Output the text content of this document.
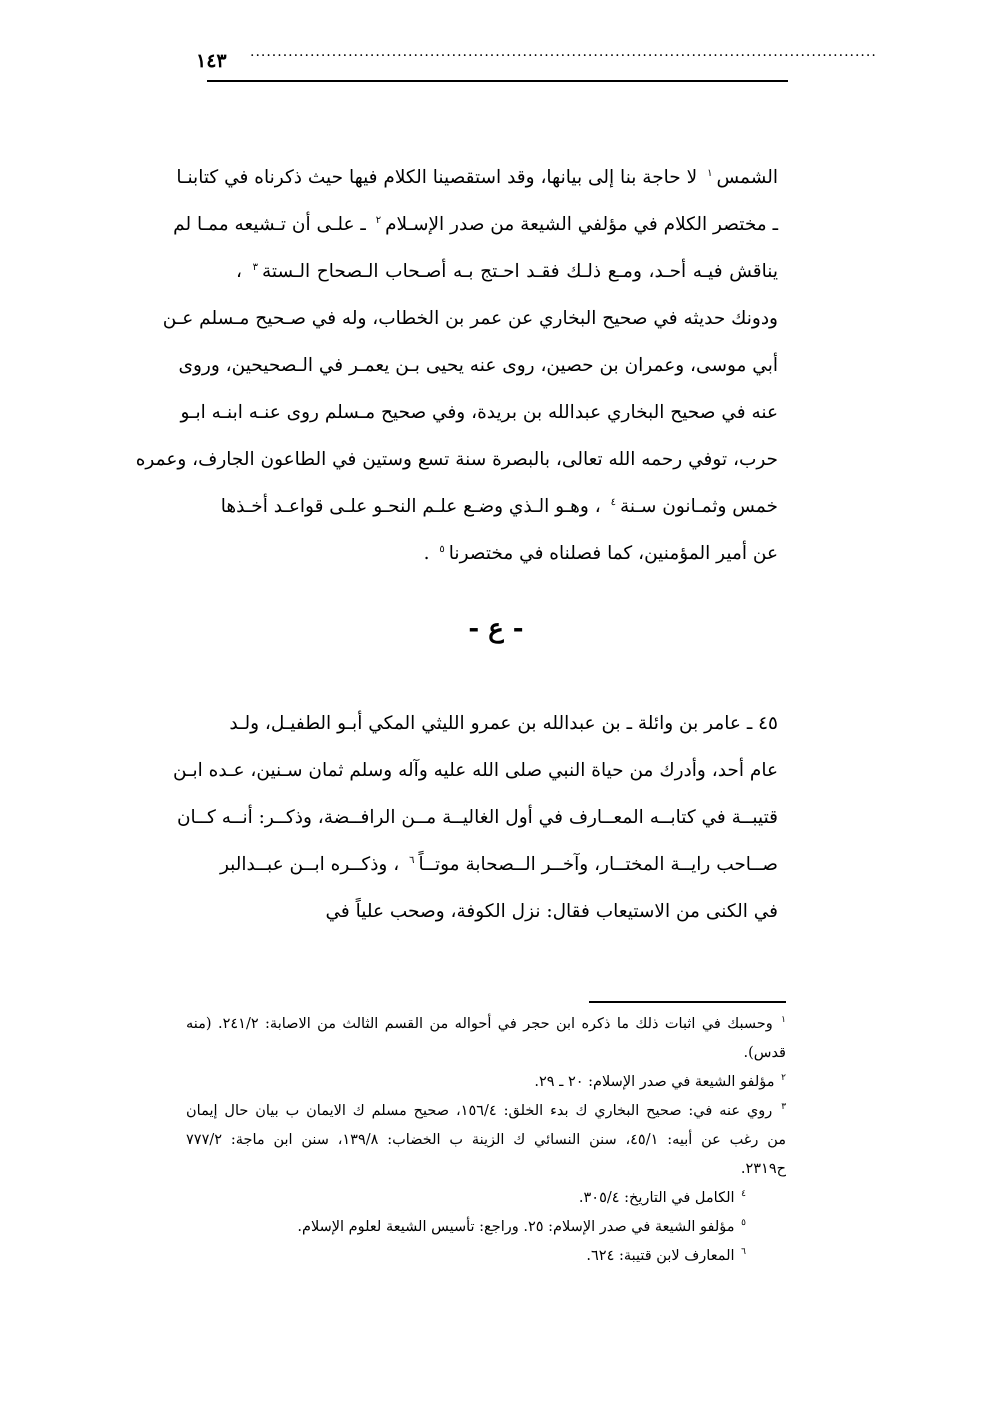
١٤٣ ...................................................................................................................
الشمس$^١$ لا حاجة بنا إلى بيانها، وقد استقصينا الكلام فيها حيث ذكرناه في كتابنـا
ـ مختصر الكلام في مؤلفي الشيعة من صدر الإسـلام$^٢$ ـ علـى أن تـشيعه ممـا لم
يناقش فيـه أحـد، ومـع ذلـك فقـد احـتج بـه أصـحاب الـصحاح الـستة$^٣$ ،
ودونك حديثه في صحيح البخاري عن عمر بن الخطاب، وله في صـحيح مـسلم عـن
أبي موسى، وعمران بن حصين، روى عنه يحيى بـن يعمـر في الـصحيحين، وروى
عنه في صحيح البخاري عبدالله بن بريدة، وفي صحيح مـسلم روى عنـه ابنـه ابـو
حرب، توفي رحمه الله تعالى، بالبصرة سنة تسع وستين في الطاعون الجارف، وعمره
خمس وثمـانون سـنة$^٤$ ، وهـو الـذي وضـع علـم النحـو علـى قواعـد أخـذها
عن أمير المؤمنين، كما فصلناه في مختصرنا$^٥$ .
- ع -
٤٥ ـ عامر بن وائلة ـ بن عبدالله بن عمرو الليثي المكي أبـو الطفيـل، ولـد
عام أحد، وأدرك من حياة النبي صلى الله عليه وآله وسلم ثمان سـنين، عـده ابـن
قتيبــة في كتابــه المعــارف في أول الغاليــة مــن الرافــضة، وذكــر: أنــه كــان
صــاحب رايــة المختــار، وآخــر الــصحابة موتــاً$^٦$ ، وذكــره ابــن عبــدالبر
في الكنى من الاستيعاب فقال: نزل الكوفة، وصحب علياً في
$^١$ وحسبك في اثبات ذلك ما ذكره ابن حجر في أحواله من القسم الثالث من الاصابة: ٢٤١/٢. (منه
قدس).
$^٢$ مؤلفو الشيعة في صدر الإسلام: ٢٠ ـ ٢٩.
$^٣$ روي عنه في: صحيح البخاري ك بدء الخلق: ١٥٦/٤، صحيح مسلم ك الايمان ب بيان حال إيمان
من رغب عن أبيه: ٤٥/١، سنن النسائي ك الزينة ب الخضاب: ١٣٩/٨، سنن ابن ماجة: ٧٧٧/٢
ح٢٣١٩.
$^٤$ الكامل في التاريخ: ٣٠٥/٤.
$^٥$ مؤلفو الشيعة في صدر الإسلام: ٢٥. وراجع: تأسيس الشيعة لعلوم الإسلام.
$^٦$ المعارف لابن قتيبة: ٦٢٤.
